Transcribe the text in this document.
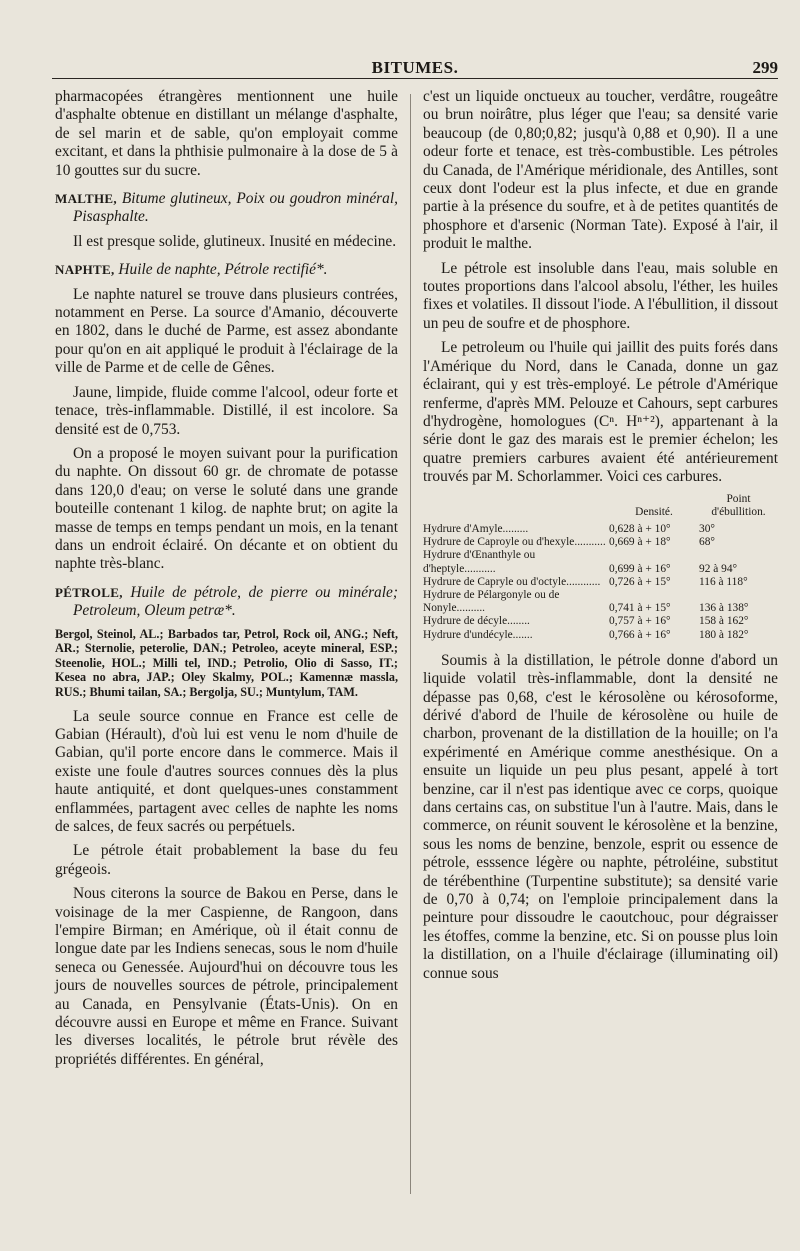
BITUMES.	299

pharmacopées étrangères mentionnent une huile d'asphalte obtenue en distillant un mélange d'asphalte, de sel marin et de sable, qu'on employait comme excitant, et dans la phthisie pulmonaire à la dose de 5 à 10 gouttes sur du sucre.

MALTHE, Bitume glutineux, Poix ou goudron minéral, Pisasphalte.

Il est presque solide, glutineux. Inusité en médecine.

NAPHTE, Huile de naphte, Pétrole rectifié*.

Le naphte naturel se trouve dans plusieurs contrées, notamment en Perse. La source d'Amanio, découverte en 1802, dans le duché de Parme, est assez abondante pour qu'on en ait appliqué le produit à l'éclairage de la ville de Parme et de celle de Gênes.

Jaune, limpide, fluide comme l'alcool, odeur forte et tenace, très-inflammable. Distillé, il est incolore. Sa densité est de 0,753.

On a proposé le moyen suivant pour la purification du naphte. On dissout 60 gr. de chromate de potasse dans 120,0 d'eau; on verse le soluté dans une grande bouteille contenant 1 kilog. de naphte brut; on agite la masse de temps en temps pendant un mois, en la tenant dans un endroit éclairé. On décante et on obtient du naphte très-blanc.

PÉTROLE, Huile de pétrole, de pierre ou minérale; Petroleum, Oleum petræ*.

Bergol, Steinol, AL.; Barbados tar, Petrol, Rock oil, ANG.; Neft, AR.; Sternolie, peterolie, DAN.; Petroleo, aceyte mineral, ESP.; Steenolie, HOL.; Milli tel, IND.; Petrolio, Olio di Sasso, IT.; Kesea no abra, JAP.; Oley Skalmy, POL.; Kamennæ massla, RUS.; Bhumi tailan, SA.; Bergolja, SU.; Muntylum, TAM.

La seule source connue en France est celle de Gabian (Hérault), d'où lui est venu le nom d'huile de Gabian, qu'il porte encore dans le commerce. Mais il existe une foule d'autres sources connues dès la plus haute antiquité, et dont quelques-unes constamment enflammées, partagent avec celles de naphte les noms de salces, de feux sacrés ou perpétuels.

Le pétrole était probablement la base du feu grégeois.

Nous citerons la source de Bakou en Perse, dans le voisinage de la mer Caspienne, de Rangoon, dans l'empire Birman; en Amérique, où il était connu de longue date par les Indiens senecas, sous le nom d'huile seneca ou Genessée. Aujourd'hui on découvre tous les jours de nouvelles sources de pétrole, principalement au Canada, en Pensylvanie (États-Unis). On en découvre aussi en Europe et même en France. Suivant les diverses localités, le pétrole brut révèle des propriétés différentes. En général,

c'est un liquide onctueux au toucher, verdâtre, rougeâtre ou brun noirâtre, plus léger que l'eau; sa densité varie beaucoup (de 0,80;0,82; jusqu'à 0,88 et 0,90). Il a une odeur forte et tenace, est très-combustible. Les pétroles du Canada, de l'Amérique méridionale, des Antilles, sont ceux dont l'odeur est la plus infecte, et due en grande partie à la présence du soufre, et à de petites quantités de phosphore et d'arsenic (Norman Tate). Exposé à l'air, il produit le malthe.

Le pétrole est insoluble dans l'eau, mais soluble en toutes proportions dans l'alcool absolu, l'éther, les huiles fixes et volatiles. Il dissout l'iode. A l'ébullition, il dissout un peu de soufre et de phosphore.

Le petroleum ou l'huile qui jaillit des puits forés dans l'Amérique du Nord, dans le Canada, donne un gaz éclairant, qui y est très-employé. Le pétrole d'Amérique renferme, d'après MM. Pelouze et Cahours, sept carbures d'hydrogène, homologues (Cⁿ. Hⁿ⁺²), appartenant à la série dont le gaz des marais est le premier échelon; les quatre premiers carbures avaient été antérieurement trouvés par M. Schorlammer. Voici ces carbures.

	Densité.	Point
d'ébullition.
Hydrure d'Amyle.........	0,628 à + 10°	30°
Hydrure de Caproyle ou d'hexyle...........	0,669 à + 18°	68°
Hydrure d'Œnanthyle ou d'heptyle...........	0,699 à + 16°	92 à 94°
Hydrure de Capryle ou d'octyle............	0,726 à + 15°	116 à 118°
Hydrure de Pélargonyle ou de Nonyle..........	0,741 à + 15°	136 à 138°
Hydrure de décyle........	0,757 à + 16°	158 à 162°
Hydrure d'undécyle.......	0,766 à + 16°	180 à 182°

Soumis à la distillation, le pétrole donne d'abord un liquide volatil très-inflammable, dont la densité ne dépasse pas 0,68, c'est le kérosolène ou kérosoforme, dérivé d'abord de l'huile de kérosolène ou huile de charbon, provenant de la distillation de la houille; on l'a expérimenté en Amérique comme anesthésique. On a ensuite un liquide un peu plus pesant, appelé à tort benzine, car il n'est pas identique avec ce corps, quoique dans certains cas, on substitue l'un à l'autre. Mais, dans le commerce, on réunit souvent le kérosolène et la benzine, sous les noms de benzine, benzole, esprit ou essence de pétrole, esssence légère ou naphte, pétroléine, substitut de térébenthine (Turpentine substitute); sa densité varie de 0,70 à 0,74; on l'emploie principalement dans la peinture pour dissoudre le caoutchouc, pour dégraisser les étoffes, comme la benzine, etc. Si on pousse plus loin la distillation, on a l'huile d'éclairage (illuminating oil) connue sous
